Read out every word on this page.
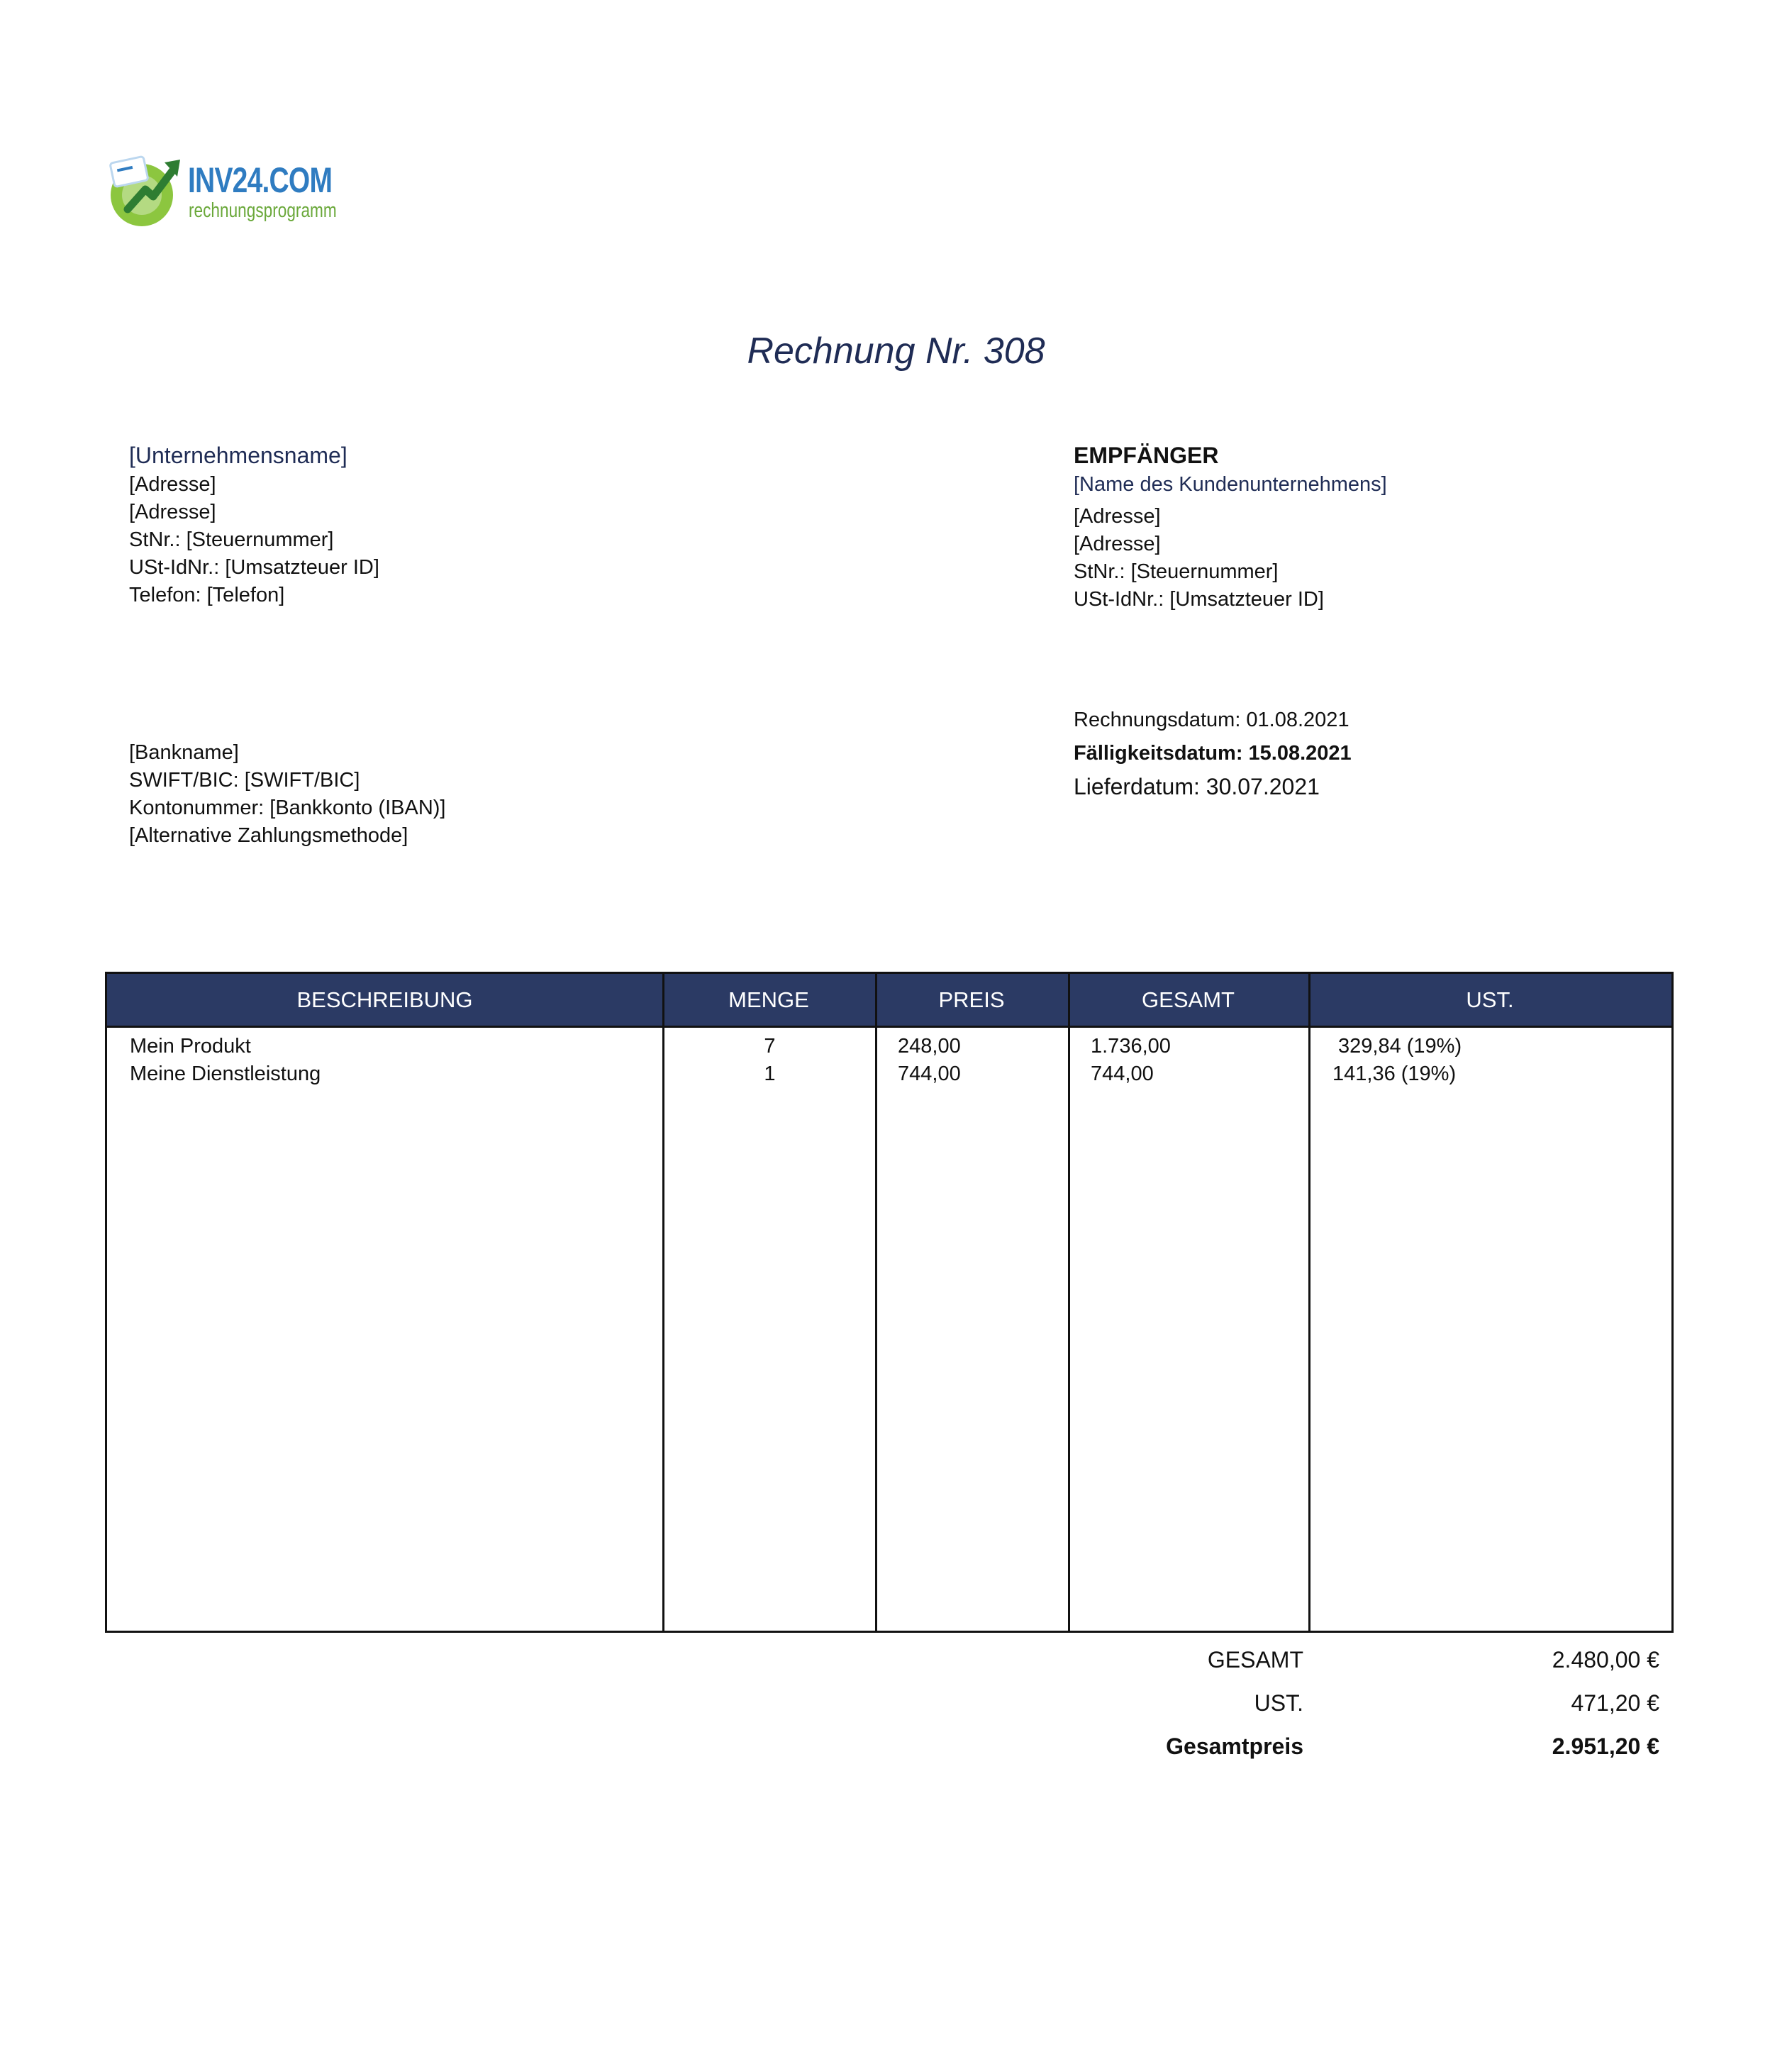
INV24.COM
rechnungsprogramm
Rechnung Nr. 308
[Unternehmensname]
[Adresse]
[Adresse]
StNr.: [Steuernummer]
USt-IdNr.: [Umsatzteuer ID]
Telefon: [Telefon]
EMPFÄNGER
[Name des Kundenunternehmens]
[Adresse]
[Adresse]
StNr.: [Steuernummer]
USt-IdNr.: [Umsatzteuer ID]
[Bankname]
SWIFT/BIC: [SWIFT/BIC]
Kontonummer: [Bankkonto (IBAN)]
[Alternative Zahlungsmethode]
Rechnungsdatum: 01.08.2021
Fälligkeitsdatum: 15.08.2021
Lieferdatum: 30.07.2021
BESCHREIBUNG	MENGE	PREIS	GESAMT	UST.
Mein Produkt	7	248,00	1.736,00	329,84 (19%)
Meine Dienstleistung	1	744,00	744,00	141,36 (19%)
GESAMT	2.480,00 €
UST.	471,20 €
Gesamtpreis	2.951,20 €
